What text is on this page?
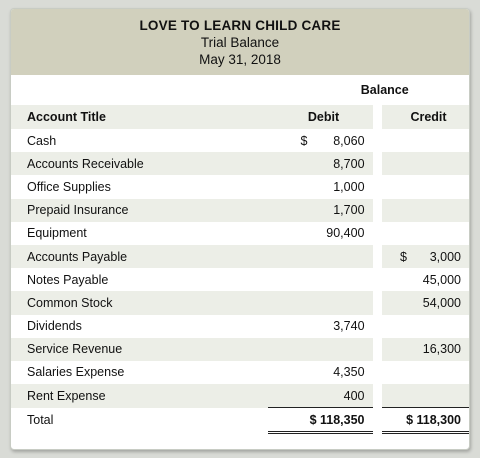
LOVE TO LEARN CHILD CARE
Trial Balance
May 31, 2018
	Balance		
Account Title	Debit		Credit
Cash	$ 8,060		
Accounts Receivable	8,700		
Office Supplies	1,000		
Prepaid Insurance	1,700		
Equipment	90,400		
Accounts Payable			$ 3,000
Notes Payable			45,000
Common Stock			54,000
Dividends	3,740		
Service Revenue			16,300
Salaries Expense	4,350		
Rent Expense	400		
Total	$ 118,350		$ 118,300
